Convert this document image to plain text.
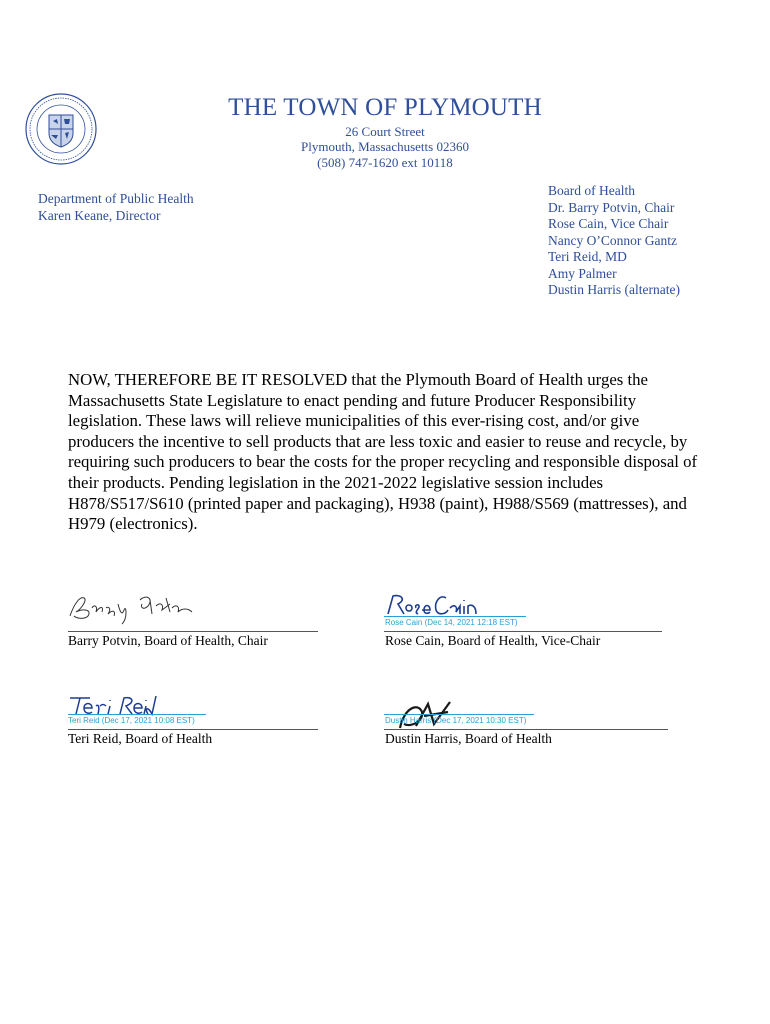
THE TOWN OF PLYMOUTH
26 Court Street
Plymouth, Massachusetts 02360
(508) 747-1620 ext 10118
Department of Public Health
Karen Keane, Director
Board of Health
Dr. Barry Potvin, Chair
Rose Cain, Vice Chair
Nancy O’Connor Gantz
Teri Reid, MD
Amy Palmer
Dustin Harris (alternate)
NOW, THEREFORE BE IT RESOLVED that the Plymouth Board of Health urges the Massachusetts State Legislature to enact pending and future Producer Responsibility legislation. These laws will relieve municipalities of this ever-rising cost, and/or give producers the incentive to sell products that are less toxic and easier to reuse and recycle, by requiring such producers to bear the costs for the proper recycling and responsible disposal of their products. Pending legislation in the 2021-2022 legislative session includes H878/S517/S610 (printed paper and packaging), H938 (paint), H988/S569 (mattresses), and H979 (electronics).
Barry Potvin, Board of Health, Chair
Rose Cain (Dec 14, 2021 12:18 EST)
Rose Cain, Board of Health, Vice-Chair
Teri Reid (Dec 17, 2021 10:08 EST)
Teri Reid, Board of Health
Dustin Harris (Dec 17, 2021 10:30 EST)
Dustin Harris, Board of Health
